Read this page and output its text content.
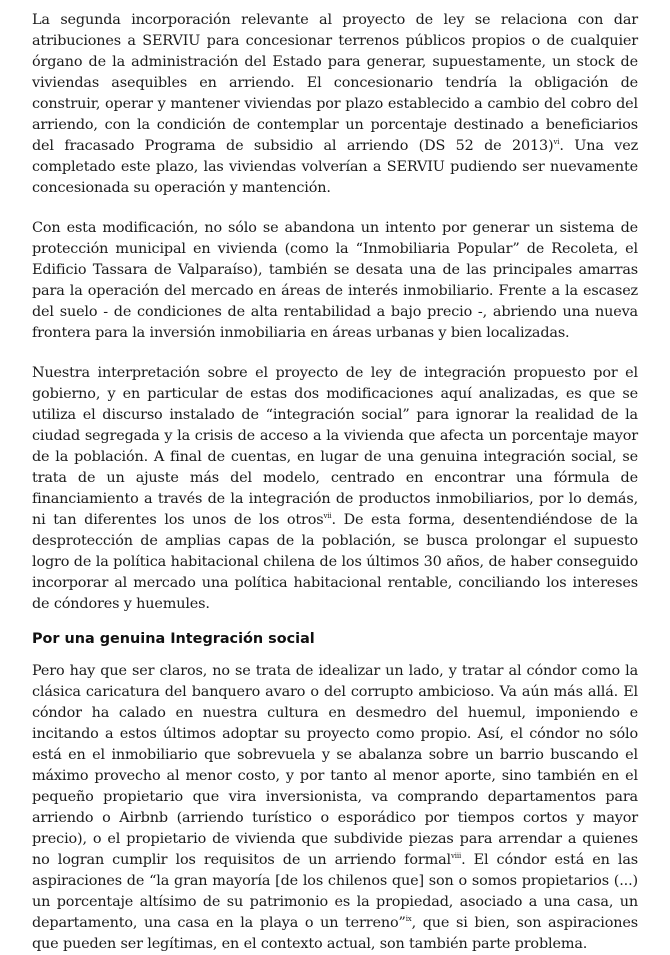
La segunda incorporación relevante al proyecto de ley se relaciona con dar atribuciones a SERVIU para concesionar terrenos públicos propios o de cualquier órgano de la administración del Estado para generar, supuestamente, un stock de viviendas asequibles en arriendo. El concesionario tendría la obligación de construir, operar y mantener viviendas por plazo establecido a cambio del cobro del arriendo, con la condición de contemplar un porcentaje destinado a beneficiarios del fracasado Programa de subsidio al arriendo (DS 52 de 2013)$^{vi}$. Una vez completado este plazo, las viviendas volverían a SERVIU pudiendo ser nuevamente concesionada su operación y mantención.

Con esta modificación, no sólo se abandona un intento por generar un sistema de protección municipal en vivienda (como la “Inmobiliaria Popular” de Recoleta, el Edificio Tassara de Valparaíso), también se desata una de las principales amarras para la operación del mercado en áreas de interés inmobiliario. Frente a la escasez del suelo - de condiciones de alta rentabilidad a bajo precio -, abriendo una nueva frontera para la inversión inmobiliaria en áreas urbanas y bien localizadas.

Nuestra interpretación sobre el proyecto de ley de integración propuesto por el gobierno, y en particular de estas dos modificaciones aquí analizadas, es que se utiliza el discurso instalado de “integración social” para ignorar la realidad de la ciudad segregada y la crisis de acceso a la vivienda que afecta un porcentaje mayor de la población. A final de cuentas, en lugar de una genuina integración social, se trata de un ajuste más del modelo, centrado en encontrar una fórmula de financiamiento a través de la integración de productos inmobiliarios, por lo demás, ni tan diferentes los unos de los otros$^{vii}$. De esta forma, desentendiéndose de la desprotección de amplias capas de la población, se busca prolongar el supuesto logro de la política habitacional chilena de los últimos 30 años, de haber conseguido incorporar al mercado una política habitacional rentable, conciliando los intereses de cóndores y huemules.

Por una genuina Integración social

Pero hay que ser claros, no se trata de idealizar un lado, y tratar al cóndor como la clásica caricatura del banquero avaro o del corrupto ambicioso. Va aún más allá. El cóndor ha calado en nuestra cultura en desmedro del huemul, imponiendo e incitando a estos últimos adoptar su proyecto como propio. Así, el cóndor no sólo está en el inmobiliario que sobrevuela y se abalanza sobre un barrio buscando el máximo provecho al menor costo, y por tanto al menor aporte, sino también en el pequeño propietario que vira inversionista, va comprando departamentos para arriendo o Airbnb (arriendo turístico o esporádico por tiempos cortos y mayor precio), o el propietario de vivienda que subdivide piezas para arrendar a quienes no logran cumplir los requisitos de un arriendo formal$^{viii}$. El cóndor está en las aspiraciones de “la gran mayoría [de los chilenos que] son o somos propietarios (...) un porcentaje altísimo de su patrimonio es la propiedad, asociado a una casa, un departamento, una casa en la playa o un terreno”$^{ix}$, que si bien, son aspiraciones que pueden ser legítimas, en el contexto actual, son también parte problema.
